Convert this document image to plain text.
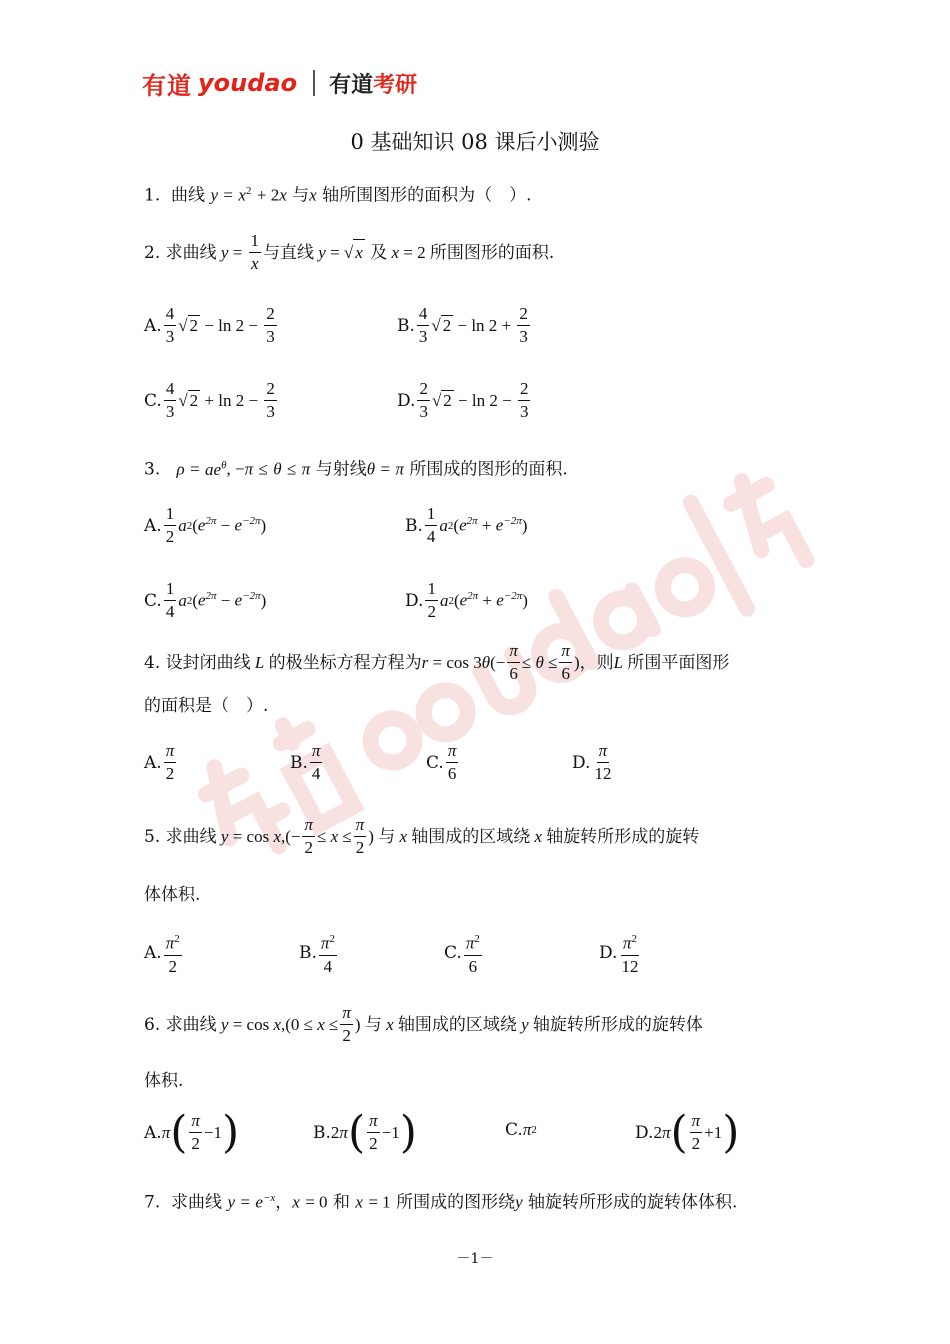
有道 youdao 有道 考研
0 基础知识 08 课后小测验
1. 曲线 $y = x^2 + 2x$ 与x 轴所围图形的面积为（　）.
2.
求曲线 $y = \frac{1}{x}$ 与直线 y = √ x
及 x = 2 所围图形的面积.
A. $\frac{4}{3}$ √ $2 - \ln 2 - \frac{2}{3}$	B. $\frac{4}{3}$ √ $2 - \ln 2 + \frac{2}{3}$
C. $\frac{4}{3}$ √ $2 + \ln 2 - \frac{2}{3}$	D. $\frac{2}{3}$ √ $2 - \ln 2 - \frac{2}{3}$
3. $\rho = ae^\theta$, −π ≤ θ ≤ π 与射线θ = π 所围成的图形的面积.
A. $\frac{1}{2}$ a 2 ( $e^{2\pi} - e^{-2\pi}$ )	B. $\frac{1}{4}$ a 2 ( $e^{2\pi} + e^{-2\pi}$ )
C. $\frac{1}{4}$ a 2 ( $e^{2\pi} - e^{-2\pi}$ )	D. $\frac{1}{2}$ a 2 ( $e^{2\pi} + e^{-2\pi}$ )
4.
设封闭曲线 L 的极坐标方程方程为 r = cos 3 θ (− $\frac{\pi}{6} \le \theta \le \frac{\pi}{6}$ ) ，则 L 所围平面图形
的面积是（　）.
A. $\frac{\pi}{2}$	B. $\frac{\pi}{4}$	C. $\frac{\pi}{6}$	D. $\frac{\pi}{12}$
5.
求曲线 y = cos x ,(− $\frac{\pi}{2} \le x \le \frac{\pi}{2}$ ) 与 x 轴围成的区域绕 x 轴旋转所形成的旋转
体体积.
A. $\frac{\pi^2}{2}$	B. $\frac{\pi^2}{4}$	C. $\frac{\pi^2}{6}$	D. $\frac{\pi^2}{12}$
6.
求曲线 y = cos x $,(0 \le x \le \frac{\pi}{2}$ ) 与 x 轴围成的区域绕 y 轴旋转所形成的旋转体
体积.
A. π ( $\frac{\pi}{2} -1$ )	B. 2 π ( $\frac{\pi}{2} -1$ )	C. π 2	D. 2 π ( $\frac{\pi}{2} +1$ )
7. 求曲线 $y = e^{-x}$，x = 0 和 x = 1 所围成的图形绕y 轴旋转所形成的旋转体体积.
－1－
